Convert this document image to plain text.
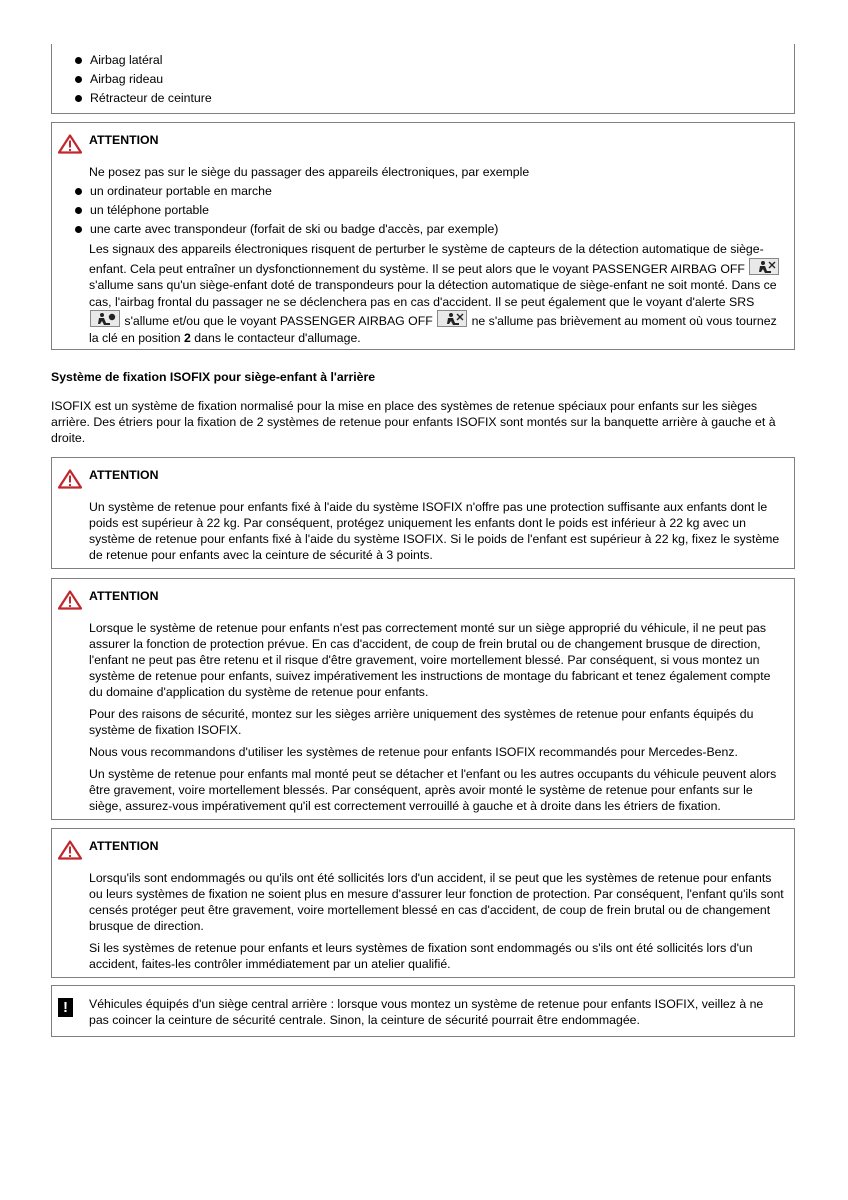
Airbag latéral
Airbag rideau
Rétracteur de ceinture
ATTENTION

Ne posez pas sur le siège du passager des appareils électroniques, par exemple

un ordinateur portable en marche
un téléphone portable
une carte avec transpondeur (forfait de ski ou badge d'accès, par exemple)

Les signaux des appareils électroniques risquent de perturber le système de capteurs de la détection automatique de siège-enfant. Cela peut entraîner un dysfonctionnement du système. Il se peut alors que le voyant PASSENGER AIRBAG OFF
s'allume sans qu'un siège-enfant doté de transpondeurs pour la détection automatique de siège-enfant ne soit monté. Dans ce cas, l'airbag frontal du passager ne se déclenchera pas en cas d'accident. Il se peut également que le voyant d'alerte SRS
s'allume et/ou que le voyant PASSENGER AIRBAG OFF	ne s'allume pas brièvement au moment où vous tournez la clé en position 2 dans le contacteur d'allumage.

Système de fixation ISOFIX pour siège-enfant à l'arrière
ISOFIX est un système de fixation normalisé pour la mise en place des systèmes de retenue spéciaux pour enfants sur les sièges arrière. Des étriers pour la fixation de 2 systèmes de retenue pour enfants ISOFIX sont montés sur la banquette arrière à gauche et à droite.
ATTENTION

Un système de retenue pour enfants fixé à l'aide du système ISOFIX n'offre pas une protection suffisante aux enfants dont le poids est supérieur à 22 kg. Par conséquent, protégez uniquement les enfants dont le poids est inférieur à 22 kg avec un système de retenue pour enfants fixé à l'aide du système ISOFIX. Si le poids de l'enfant est supérieur à 22 kg, fixez le système de retenue pour enfants avec la ceinture de sécurité à 3 points.

ATTENTION

Lorsque le système de retenue pour enfants n'est pas correctement monté sur un siège approprié du véhicule, il ne peut pas assurer la fonction de protection prévue. En cas d'accident, de coup de frein brutal ou de changement brusque de direction, l'enfant ne peut pas être retenu et il risque d'être gravement, voire mortellement blessé. Par conséquent, si vous montez un système de retenue pour enfants, suivez impérativement les instructions de montage du fabricant et tenez également compte du domaine d'application du système de retenue pour enfants.

Pour des raisons de sécurité, montez sur les sièges arrière uniquement des systèmes de retenue pour enfants équipés du système de fixation ISOFIX.

Nous vous recommandons d'utiliser les systèmes de retenue pour enfants ISOFIX recommandés pour Mercedes-Benz.

Un système de retenue pour enfants mal monté peut se détacher et l'enfant ou les autres occupants du véhicule peuvent alors être gravement, voire mortellement blessés. Par conséquent, après avoir monté le système de retenue pour enfants sur le siège, assurez-vous impérativement qu'il est correctement verrouillé à gauche et à droite dans les étriers de fixation.

ATTENTION

Lorsqu'ils sont endommagés ou qu'ils ont été sollicités lors d'un accident, il se peut que les systèmes de retenue pour enfants ou leurs systèmes de fixation ne soient plus en mesure d'assurer leur fonction de protection. Par conséquent, l'enfant qu'ils sont censés protéger peut être gravement, voire mortellement blessé en cas d'accident, de coup de frein brutal ou de changement brusque de direction.

Si les systèmes de retenue pour enfants et leurs systèmes de fixation sont endommagés ou s'ils ont été sollicités lors d'un accident, faites-les contrôler immédiatement par un atelier qualifié.

!	Véhicules équipés d'un siège central arrière : lorsque vous montez un système de retenue pour enfants ISOFIX, veillez à ne pas coincer la ceinture de sécurité centrale. Sinon, la ceinture de sécurité pourrait être endommagée.
